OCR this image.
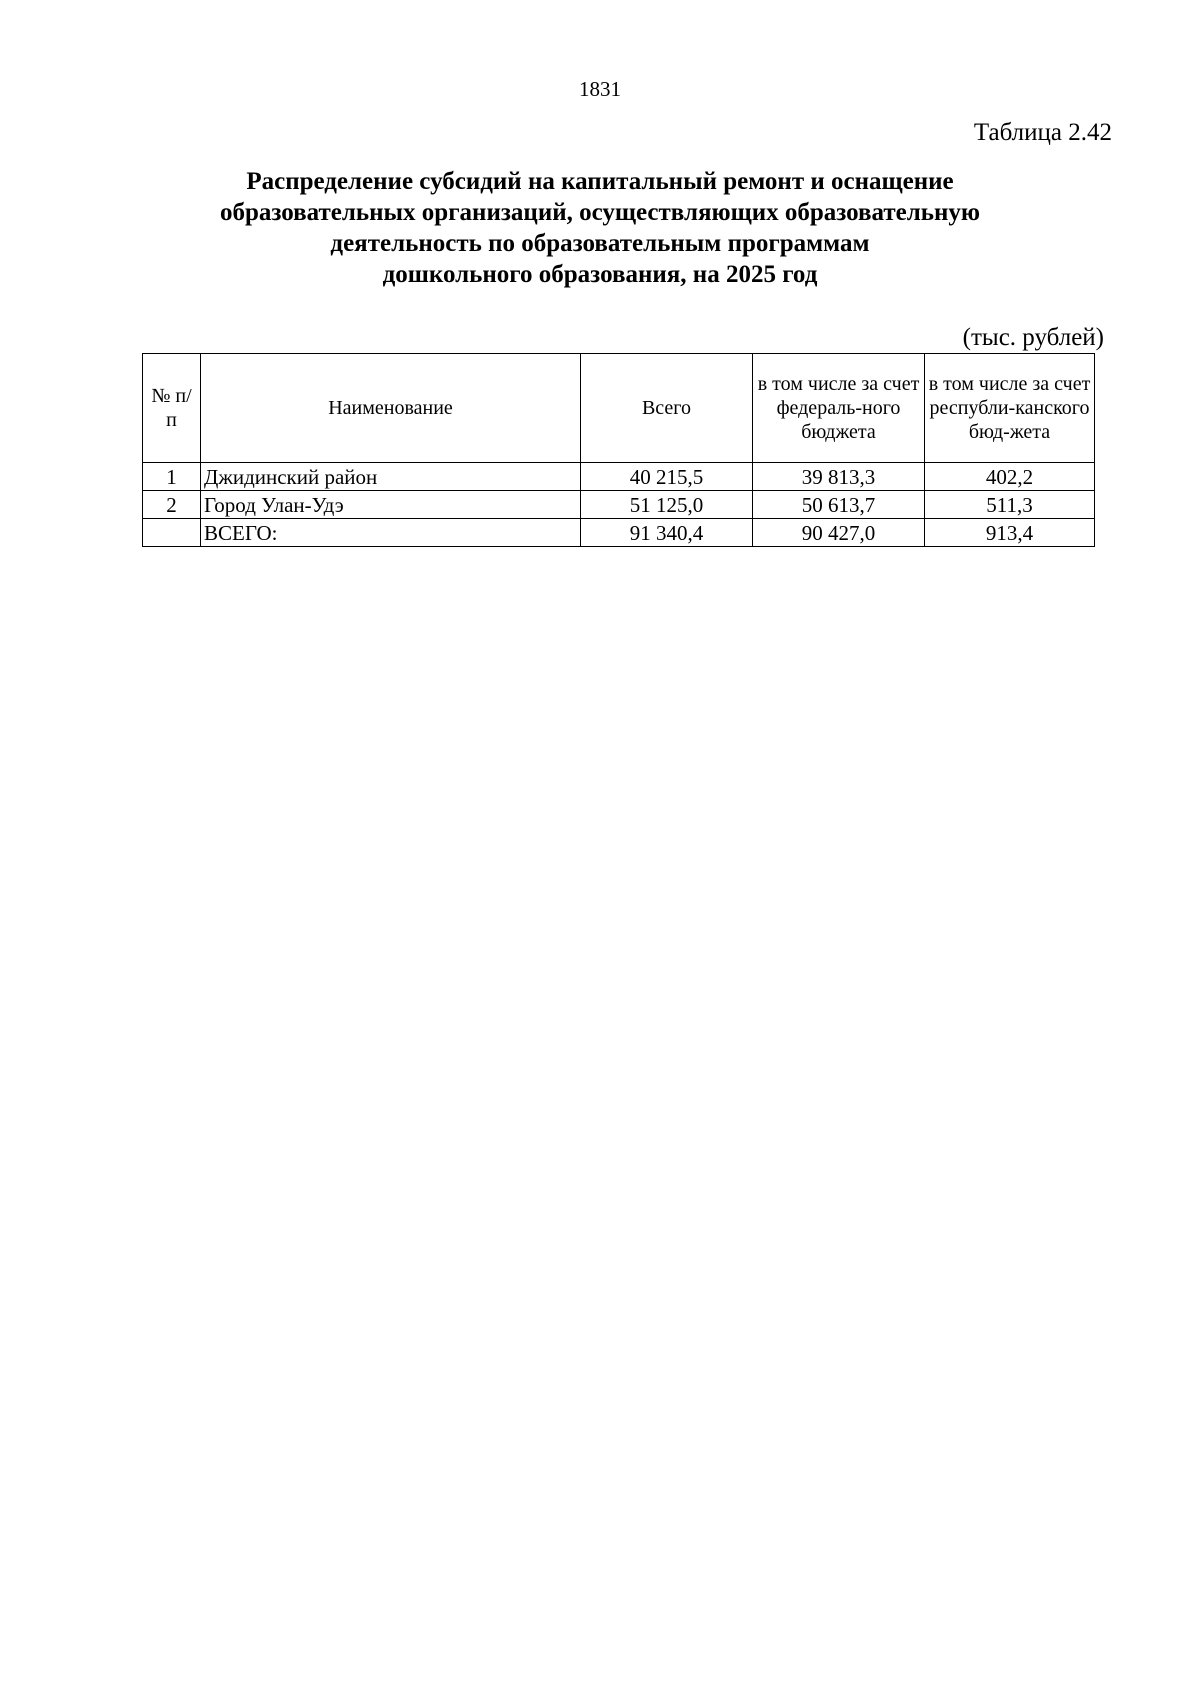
1831
Таблица 2.42
Распределение субсидий на капитальный ремонт и оснащение
образовательных организаций, осуществляющих образовательную
деятельность по образовательным программам
дошкольного образования, на 2025 год
(тыс. рублей)
№ п/п	Наименование	Всего	в том числе за счет федераль-ного бюджета	в том числе за счет республи-канского бюд-жета
1	Джидинский район	40 215,5	39 813,3	402,2
2	Город Улан-Удэ	51 125,0	50 613,7	511,3
	ВСЕГО:	91 340,4	90 427,0	913,4
